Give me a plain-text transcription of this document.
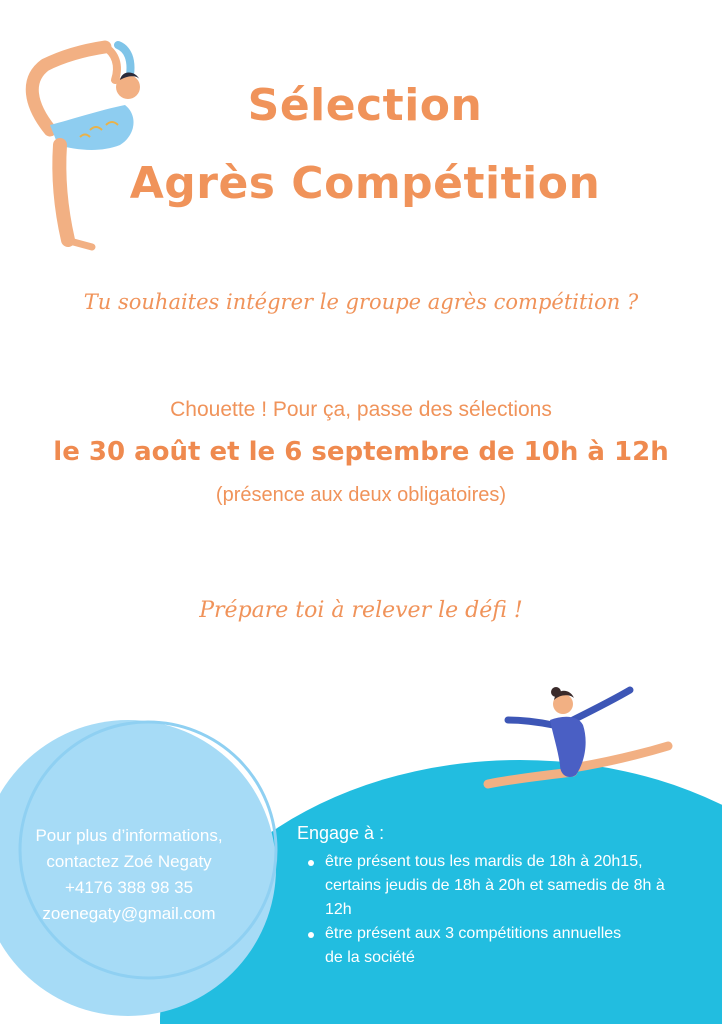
Sélection
Agrès Compétition

Tu souhaites intégrer le groupe agrès compétition ?

Chouette ! Pour ça, passe des sélections

le 30 août et le 6 septembre de 10h à 12h

(présence aux deux obligatoires)

Prépare toi à relever le défi !

Pour plus d’informations,
contactez Zoé Negaty
+4176 388 98 35
zoenegaty@gmail.com
Engage à :
être présent tous les mardis de 18h à 20h15, certains jeudis de 18h à 20h et samedis de 8h à 12h
être présent aux 3 compétitions annuelles de la société
